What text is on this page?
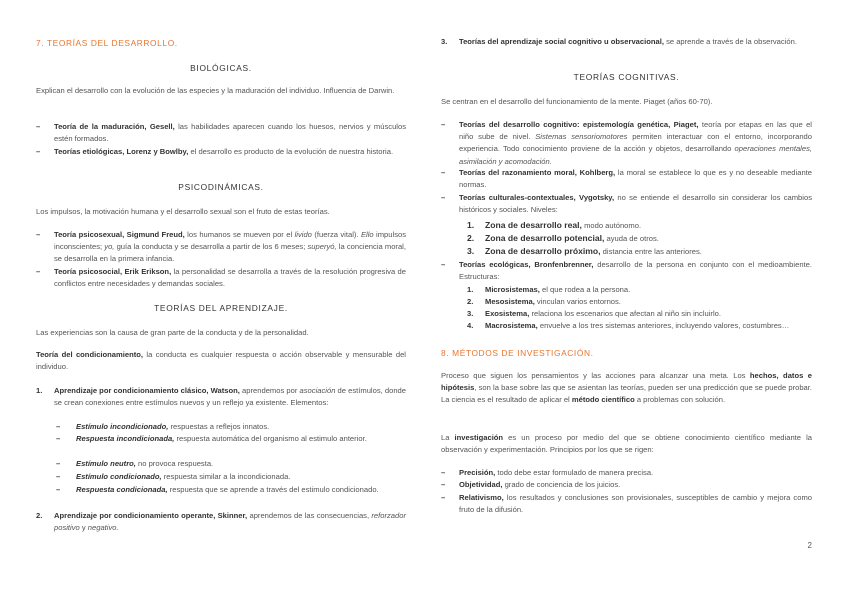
7. TEORÍAS DEL DESARROLLO.
BIOLÓGICAS.

Explican el desarrollo con la evolución de las especies y la maduración del individuo. Influencia de Darwin.

– Teoría de la maduración, Gesell, las habilidades aparecen cuando los huesos, nervios y músculos estén formados.
– Teorías etiológicas, Lorenz y Bowlby, el desarrollo es producto de la evolución de nuestra historia.
PSICODINÁMICAS.

Los impulsos, la motivación humana y el desarrollo sexual son el fruto de estas teorías.

– Teoría psicosexual, Sigmund Freud, los humanos se mueven por el livido (fuerza vital). Ello impulsos inconscientes; yo, guía la conducta y se desarrolla a partir de los 6 meses; superyó, la conciencia moral, se desarrolla en la primera infancia.
– Teoría psicosocial, Erik Erikson, la personalidad se desarrolla a través de la resolución progresiva de conflictos entre necesidades y demandas sociales.
TEORÍAS DEL APRENDIZAJE.

Las experiencias son la causa de gran parte de la conducta y de la personalidad.

Teoría del condicionamiento, la conducta es cualquier respuesta o acción observable y mensurable del individuo.

1. Aprendizaje por condicionamiento clásico, Watson, aprendemos por asociación de estímulos, donde se crean conexiones entre estímulos nuevos y un reflejo ya existente. Elementos:
– Estímulo incondicionado, respuestas a reflejos innatos.
– Respuesta incondicionada, respuesta automática del organismo al estimulo anterior.
– Estímulo neutro, no provoca respuesta.
– Estímulo condicionado, respuesta similar a la incondicionada.
– Respuesta condicionada, respuesta que se aprende a través del estimulo condicionado.
2. Aprendizaje por condicionamiento operante, Skinner, aprendemos de las consecuencias, reforzador positivo y negativo.
3. Teorías del aprendizaje social cognitivo u observacional, se aprende a través de la observación.
TEORÍAS COGNITIVAS.

Se centran en el desarrollo del funcionamiento de la mente. Piaget (años 60-70).

– Teorías del desarrollo cognitivo: epistemología genética, Piaget, teoría por etapas en las que el niño sube de nivel. Sistemas sensoriomotores permiten interactuar con el entorno, incorporando experiencia. Todo conocimiento proviene de la acción y objetos, desarrollando operaciones mentales, asimilación y acomodación.
– Teorías del razonamiento moral, Kohlberg, la moral se establece lo que es y no deseable mediante normas.
– Teorías culturales-contextuales, Vygotsky, no se entiende el desarrollo sin considerar los cambios históricos y sociales. Niveles:
1. Zona de desarrollo real, modo autónomo.
2. Zona de desarrollo potencial, ayuda de otros.
3. Zona de desarrollo próximo, distancia entre las anteriores.
– Teorías ecológicas, Bronfenbrenner, desarrollo de la persona en conjunto con el medioambiente. Estructuras:
1. Microsistemas, el que rodea a la persona.
2. Mesosistema, vinculan varios entornos.
3. Exosistema, relaciona los escenarios que afectan al niño sin incluirlo.
4. Macrosistema, envuelve a los tres sistemas anteriores, incluyendo valores, costumbres…
8. MÉTODOS DE INVESTIGACIÓN.

Proceso que siguen los pensamientos y las acciones para alcanzar una meta. Los hechos, datos e hipótesis, son la base sobre las que se asientan las teorías, pueden ser una predicción que se puede probar. La ciencia es el resultado de aplicar el método científico a problemas con solución.

La investigación es un proceso por medio del que se obtiene conocimiento científico mediante la observación y experimentación. Principios por los que se rigen:

– Precisión, todo debe estar formulado de manera precisa.
– Objetividad, grado de conciencia de los juicios.
– Relativismo, los resultados y conclusiones son provisionales, susceptibles de cambio y mejora como fruto de la difusión.
2
